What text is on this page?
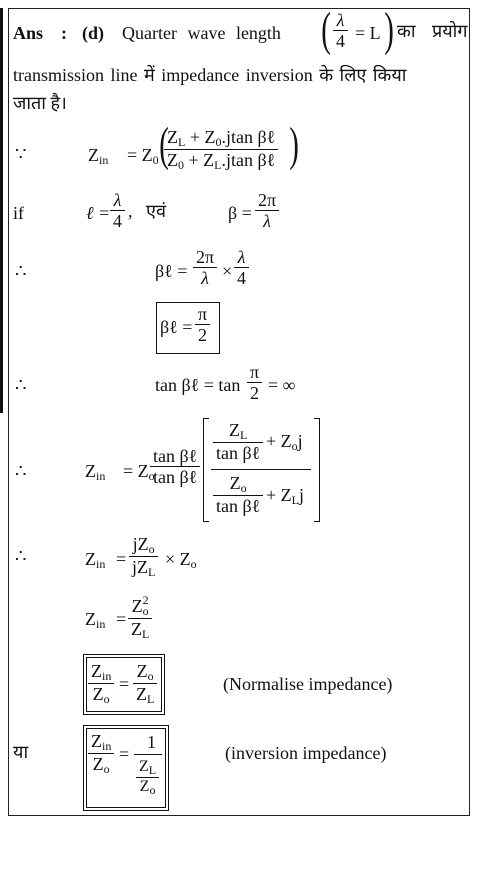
Ans : (d) Quarter wave length ( $\frac{\lambda}{4} = L$ ) का प्रयोग
transmission line में impedance inversion के लिए किया
जाता है।
∵	$Z_{in} = Z_0$ (
$Z_L + Z_0.jtan$ βℓ
$Z_0 + Z_L.jtan$ βℓ )
if	ℓ = $\frac{\lambda}{4}$ ,   एवं	$\beta = \frac{2\pi}{\lambda}$
∴	βℓ = $\frac{2\pi}{\lambda} \times \frac{\lambda}{4}$
βℓ = $\frac{\pi}{2}$
∴	tan βℓ = $\tan \frac{\pi}{2}$ = ∞
∴	$Z_{in} = Z_o$
tan βℓ
tan βℓ
$Z_L$
tan βℓ
+ $Z_oj$
$Z_o$
tan βℓ
+ $Z_Lj$
∴	$Z_{in}$ =
$jZ_o$
$jZ_L$
× $Z_o$
$Z_{in} = \frac{Z_o^2}{Z_L}$
$Z_{in}$
$Z_o$
= $\frac{Z_o}{Z_L}$	(Normalise impedance)
या
$Z_{in}$
$Z_o$
=
1
$\frac{Z_L}{Z_o}$
(inversion impedance)
